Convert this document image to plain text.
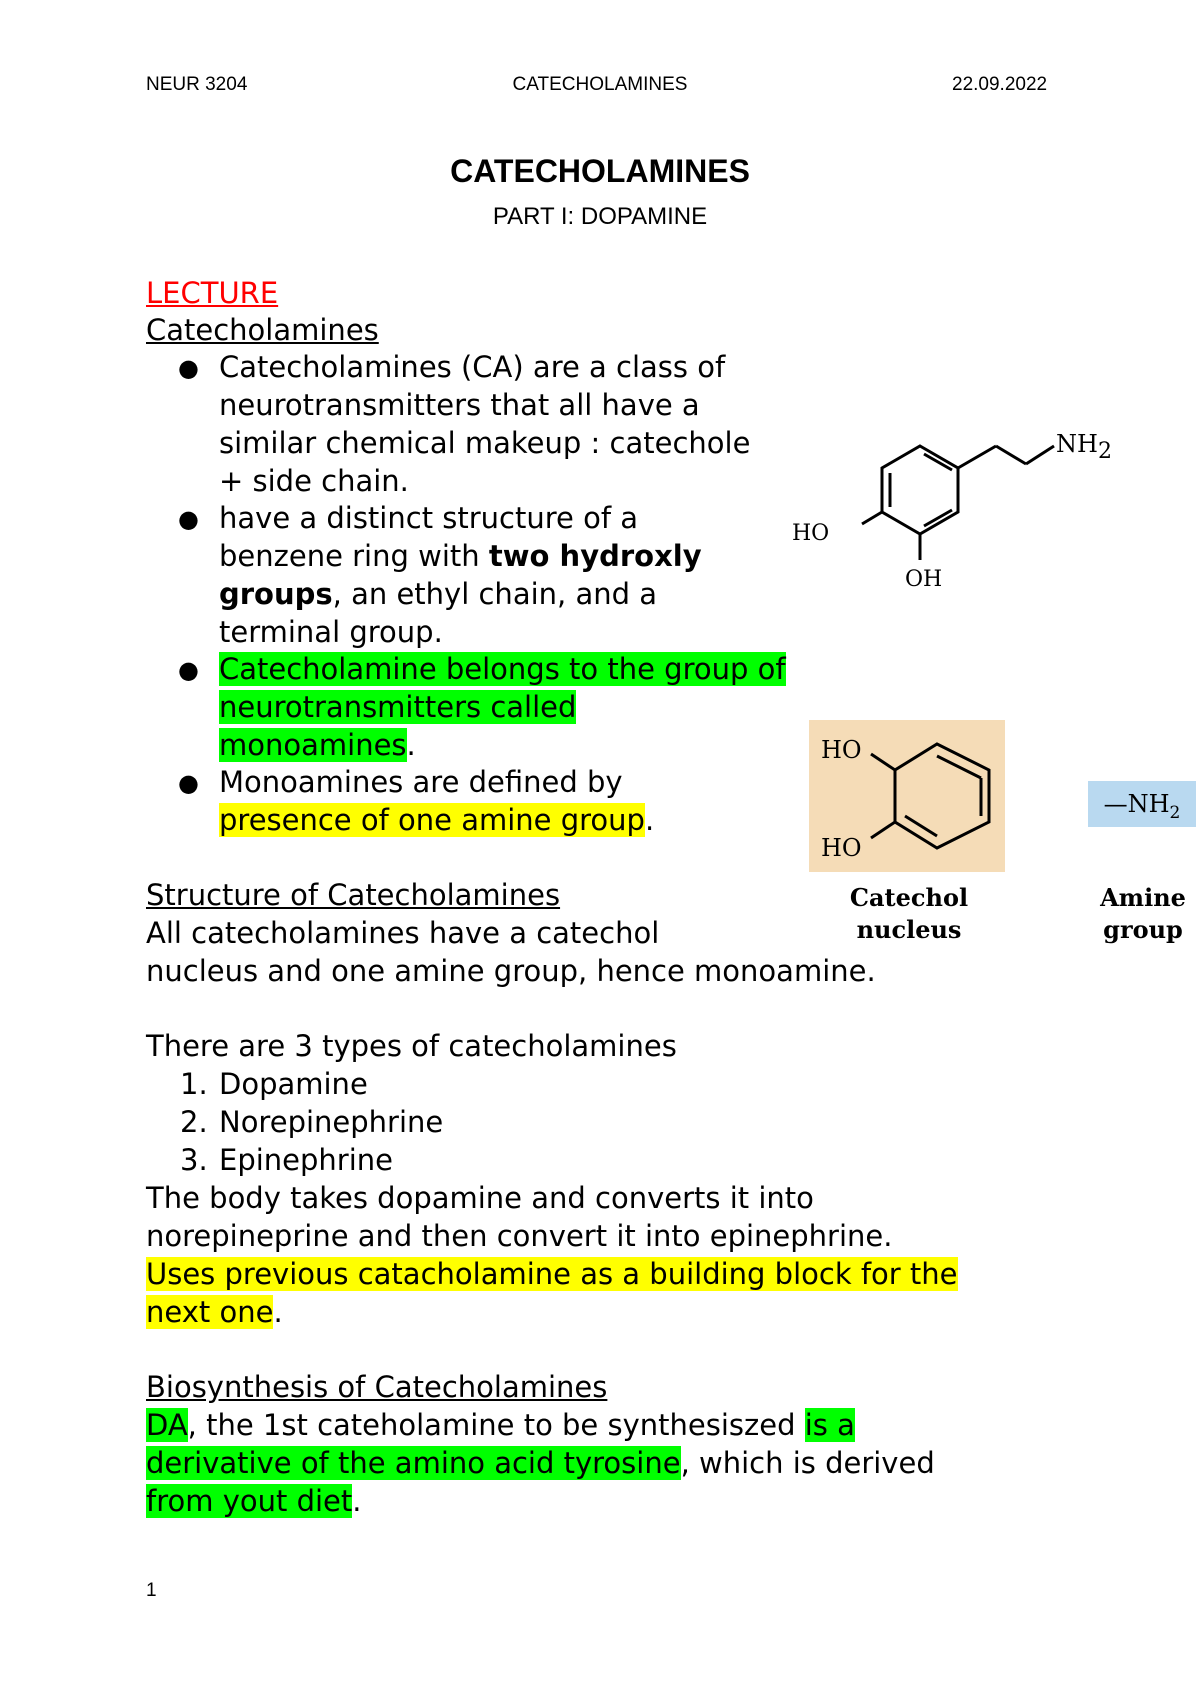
NEUR 3204	CATECHOLAMINES	22.09.2022
CATECHOLAMINES
PART I: DOPAMINE
LECTURE
Catecholamines
● Catecholamines (CA) are a class of
neurotransmitters that all have a
similar chemical makeup : catechole
+ side chain.
● have a distinct structure of a
benzene ring with two hydroxly
groups, an ethyl chain, and a
terminal group.
● Catecholamine belongs to the group of
neurotransmitters called
monoamines.
● Monoamines are defined by
presence of one amine group.
Structure of Catecholamines
All catecholamines have a catechol
nucleus and one amine group, hence monoamine.
There are 3 types of catecholamines
1. Dopamine
2. Norepinephrine
3. Epinephrine
The body takes dopamine and converts it into
norepineprine and then convert it into epinephrine.
Uses previous catacholamine as a building block for the
next one.
Biosynthesis of Catecholamines
DA, the 1st cateholamine to be synthesiszed is a
derivative of the amino acid tyrosine, which is derived
from yout diet.
NH2
HO
OH
HO
HO
Catechol
nucleus
$—NH_2$
Amine
group
1
